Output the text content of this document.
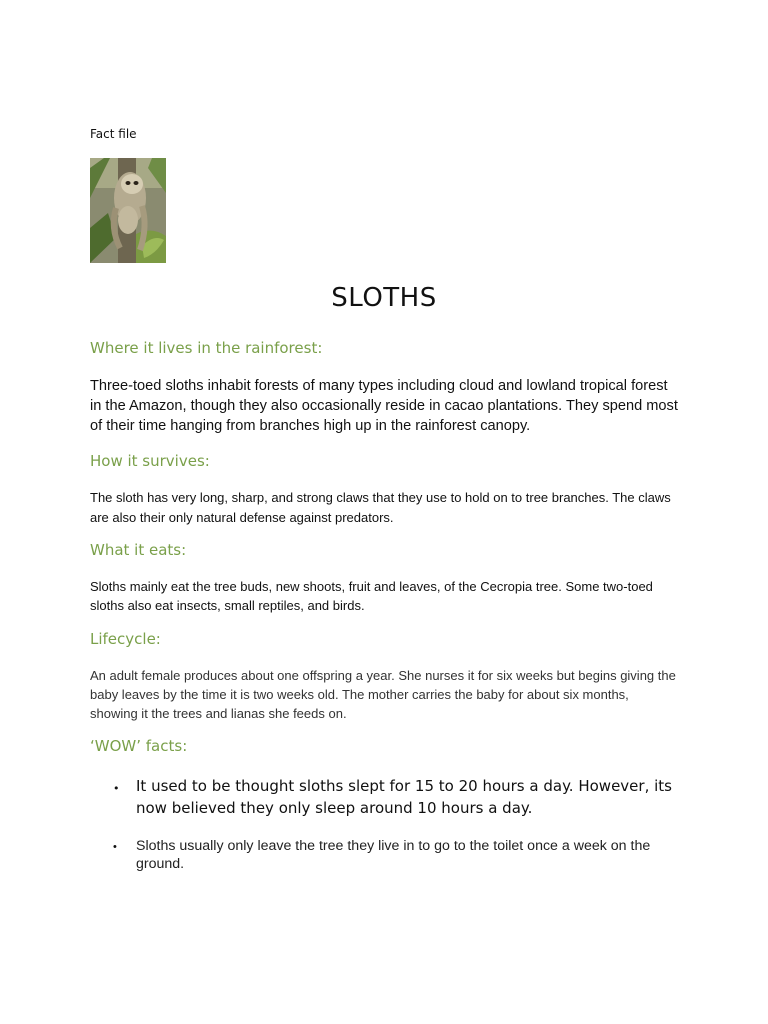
Fact file
SLOTHS
Where it lives in the rainforest:
Three-toed sloths inhabit forests of many types including cloud and lowland tropical forest in the Amazon, though they also occasionally reside in cacao plantations. They spend most of their time hanging from branches high up in the rainforest canopy.
How it survives:
The sloth has very long, sharp, and strong claws that they use to hold on to tree branches. The claws are also their only natural defense against predators.
What it eats:
Sloths mainly eat the tree buds, new shoots, fruit and leaves, of the Cecropia tree. Some two-toed sloths also eat insects, small reptiles, and birds.
Lifecycle:
An adult female produces about one offspring a year. She nurses it for six weeks but begins giving the baby leaves by the time it is two weeks old. The mother carries the baby for about six months, showing it the trees and lianas she feeds on.
‘WOW’ facts:
• It used to be thought sloths slept for 15 to 20 hours a day. However, its now believed they only sleep around 10 hours a day.
• Sloths usually only leave the tree they live in to go to the toilet once a week on the ground.
